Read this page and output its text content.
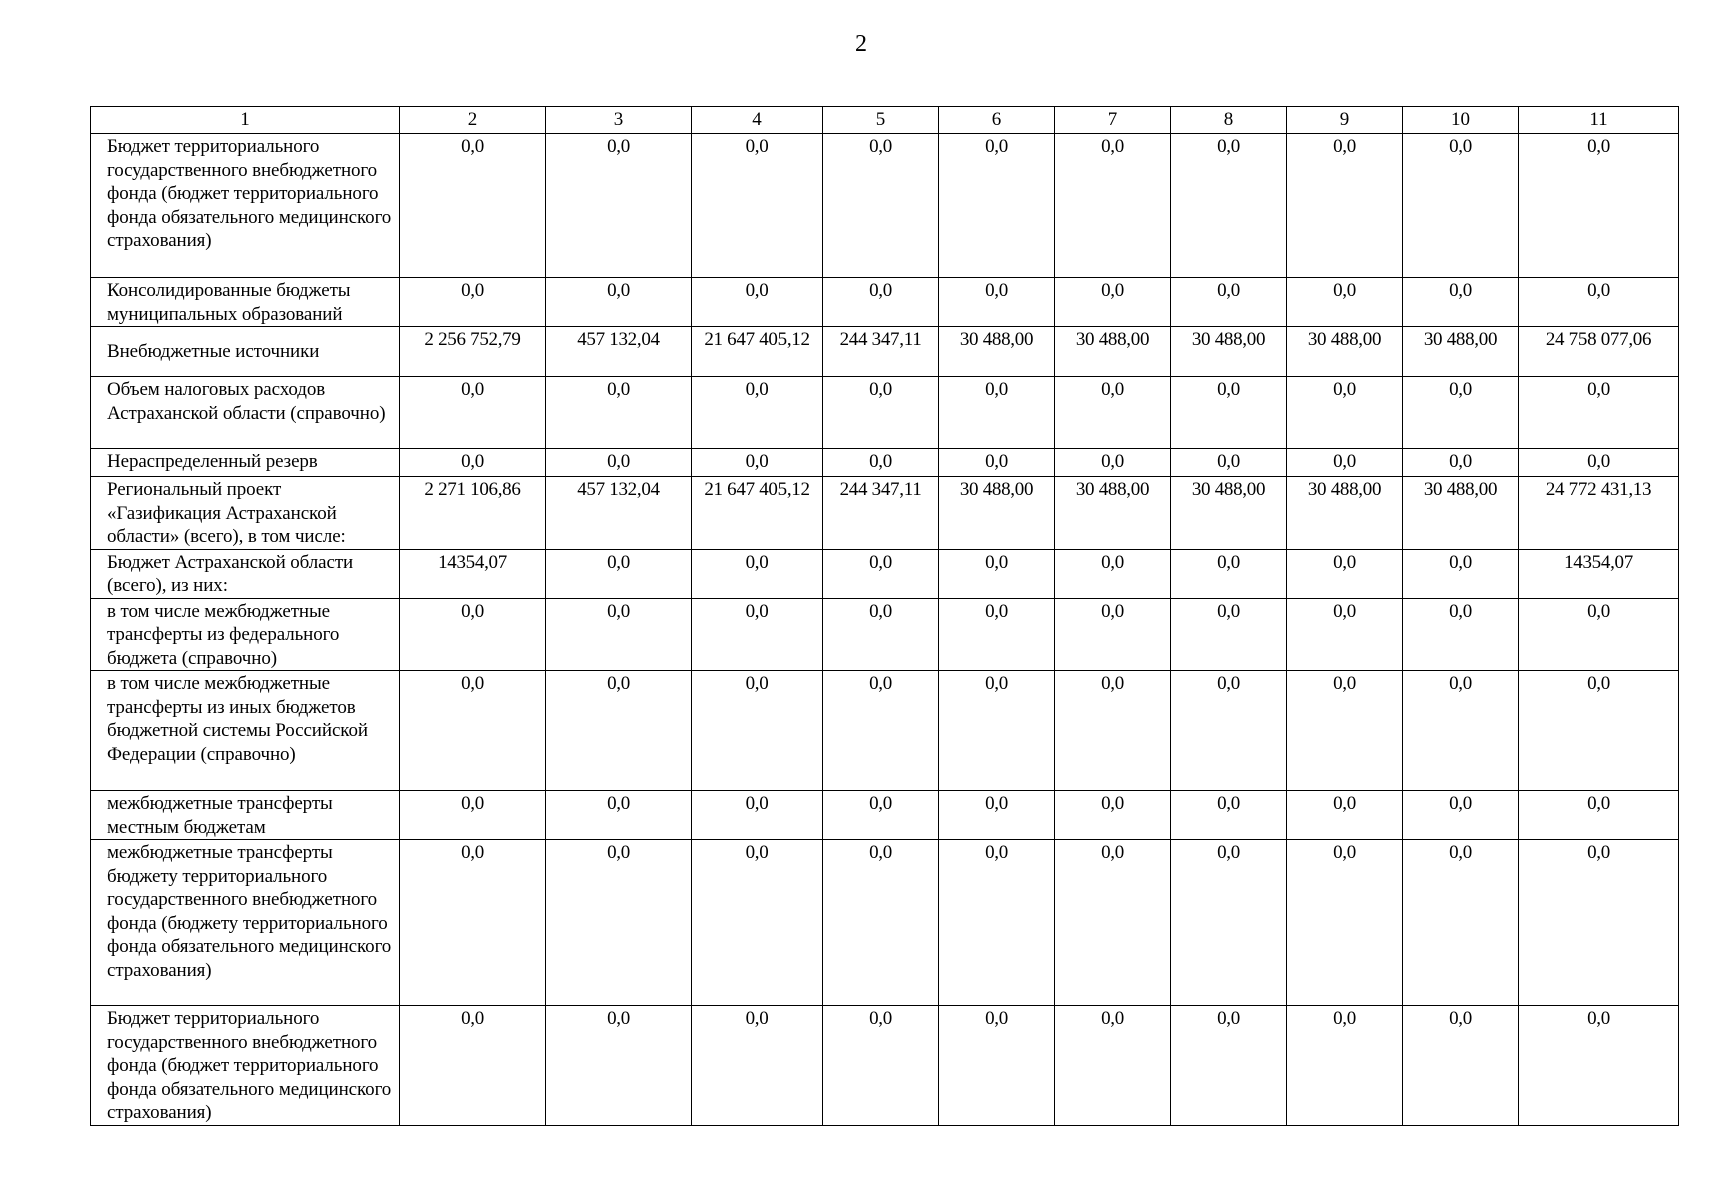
2
1	2	3	4	5	6	7	8	9	10	11
Бюджет территориального государственного внебюджетного фонда (бюджет территориального фонда обязательного медицинского страхования)	0,0	0,0	0,0	0,0	0,0	0,0	0,0	0,0	0,0	0,0
Консолидированные бюджеты муниципальных образований	0,0	0,0	0,0	0,0	0,0	0,0	0,0	0,0	0,0	0,0
Внебюджетные источники	2 256 752,79	457 132,04	21 647 405,12	244 347,11	30 488,00	30 488,00	30 488,00	30 488,00	30 488,00	24 758 077,06
Объем налоговых расходов Астраханской области (справочно)	0,0	0,0	0,0	0,0	0,0	0,0	0,0	0,0	0,0	0,0
Нераспределенный резерв	0,0	0,0	0,0	0,0	0,0	0,0	0,0	0,0	0,0	0,0
Региональный проект «Газификация Астраханской области» (всего), в том числе:	2 271 106,86	457 132,04	21 647 405,12	244 347,11	30 488,00	30 488,00	30 488,00	30 488,00	30 488,00	24 772 431,13
Бюджет Астраханской области (всего), из них:	14354,07	0,0	0,0	0,0	0,0	0,0	0,0	0,0	0,0	14354,07
в том числе межбюджетные трансферты из федерального бюджета (справочно)	0,0	0,0	0,0	0,0	0,0	0,0	0,0	0,0	0,0	0,0
в том числе межбюджетные трансферты из иных бюджетов бюджетной системы Российской Федерации (справочно)	0,0	0,0	0,0	0,0	0,0	0,0	0,0	0,0	0,0	0,0
межбюджетные трансферты местным бюджетам	0,0	0,0	0,0	0,0	0,0	0,0	0,0	0,0	0,0	0,0
межбюджетные трансферты бюджету территориального государственного внебюджетного фонда (бюджету территориального фонда обязательного медицинского страхования)	0,0	0,0	0,0	0,0	0,0	0,0	0,0	0,0	0,0	0,0
Бюджет территориального государственного внебюджетного фонда (бюджет территориального фонда обязательного медицинского страхования)	0,0	0,0	0,0	0,0	0,0	0,0	0,0	0,0	0,0	0,0
